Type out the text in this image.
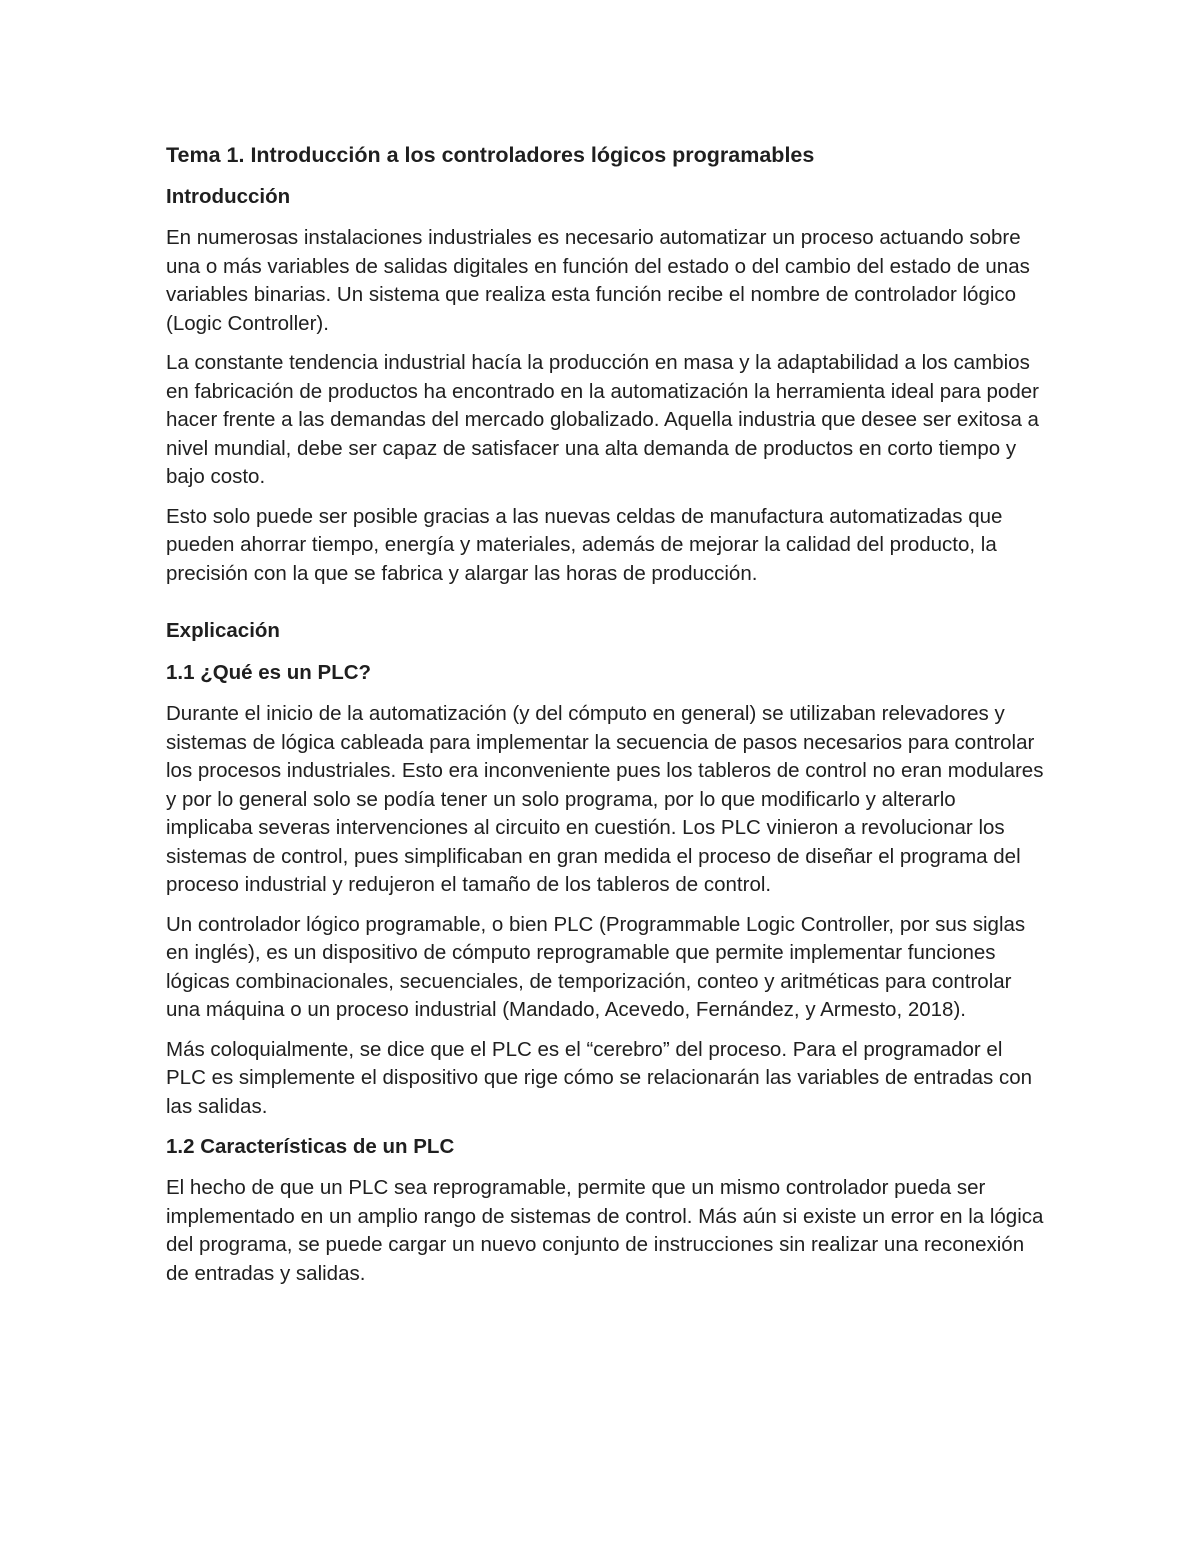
Tema 1. Introducción a los controladores lógicos programables
Introducción

En numerosas instalaciones industriales es necesario automatizar un proceso actuando sobre una o más variables de salidas digitales en función del estado o del cambio del estado de unas variables binarias. Un sistema que realiza esta función recibe el nombre de controlador lógico (Logic Controller).

La constante tendencia industrial hacía la producción en masa y la adaptabilidad a los cambios en fabricación de productos ha encontrado en la automatización la herramienta ideal para poder hacer frente a las demandas del mercado globalizado. Aquella industria que desee ser exitosa a nivel mundial, debe ser capaz de satisfacer una alta demanda de productos en corto tiempo y bajo costo.

Esto solo puede ser posible gracias a las nuevas celdas de manufactura automatizadas que pueden ahorrar tiempo, energía y materiales, además de mejorar la calidad del producto, la precisión con la que se fabrica y alargar las horas de producción.

Explicación
1.1 ¿Qué es un PLC?

Durante el inicio de la automatización (y del cómputo en general) se utilizaban relevadores y sistemas de lógica cableada para implementar la secuencia de pasos necesarios para controlar los procesos industriales. Esto era inconveniente pues los tableros de control no eran modulares y por lo general solo se podía tener un solo programa, por lo que modificarlo y alterarlo implicaba severas intervenciones al circuito en cuestión. Los PLC vinieron a revolucionar los sistemas de control, pues simplificaban en gran medida el proceso de diseñar el programa del proceso industrial y redujeron el tamaño de los tableros de control.

Un controlador lógico programable, o bien PLC (Programmable Logic Controller, por sus siglas en inglés), es un dispositivo de cómputo reprogramable que permite implementar funciones lógicas combinacionales, secuenciales, de temporización, conteo y aritméticas para controlar una máquina o un proceso industrial (Mandado, Acevedo, Fernández, y Armesto, 2018).

Más coloquialmente, se dice que el PLC es el “cerebro” del proceso. Para el programador el PLC es simplemente el dispositivo que rige cómo se relacionarán las variables de entradas con las salidas.

1.2 Características de un PLC

El hecho de que un PLC sea reprogramable, permite que un mismo controlador pueda ser implementado en un amplio rango de sistemas de control. Más aún si existe un error en la lógica del programa, se puede cargar un nuevo conjunto de instrucciones sin realizar una reconexión de entradas y salidas.
